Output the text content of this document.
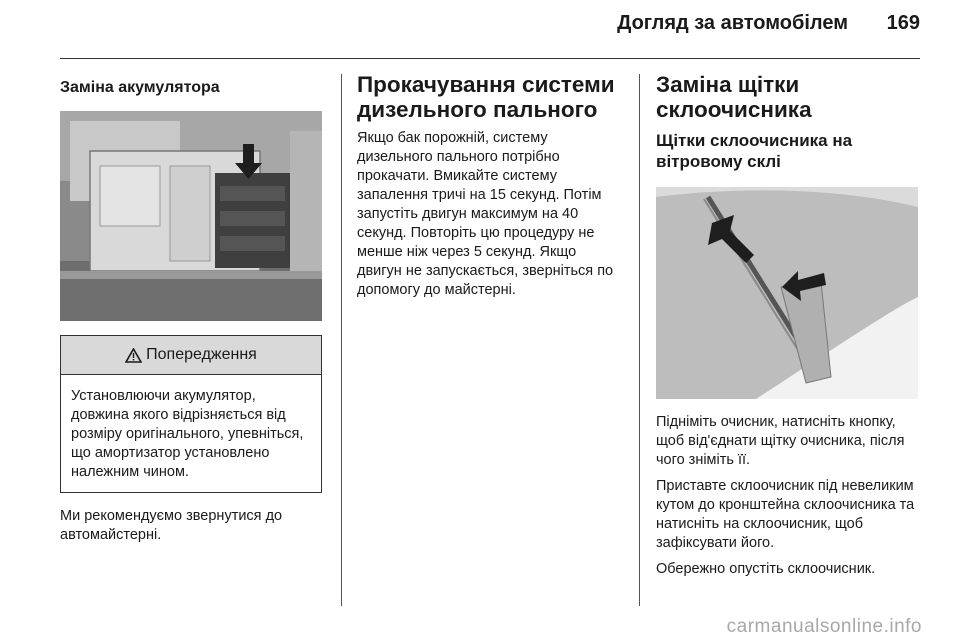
Догляд за автомобілем 169
Заміна акумулятора
Попередження
Установлюючи акумулятор, довжина якого відрізняється від розміру оригінального, упевніться, що амортизатор установлено належним чином.

Ми рекомендуємо звернутися до автомайстерні.

Прокачування системи
дизельного пального

Якщо бак порожній, систему дизельного пального потрібно прокачати. Вмикайте систему запалення тричі на 15 секунд. Потім запустіть двигун максимум на 40 секунд. Повторіть цю процедуру не менше ніж через 5 секунд. Якщо двигун не запускається, зверніться по допомогу до майстерні.

Заміна щітки
склоочисника
Щітки склоочисника на
вітровому склі

Підніміть очисник, натисніть кнопку, щоб від'єднати щітку очисника, після чого зніміть її.

Приставте склоочисник під невеликим кутом до кронштейна склоочисника та натисніть на склоочисник, щоб зафіксувати його.

Обережно опустіть склоочисник.

carmanualsonline.info
